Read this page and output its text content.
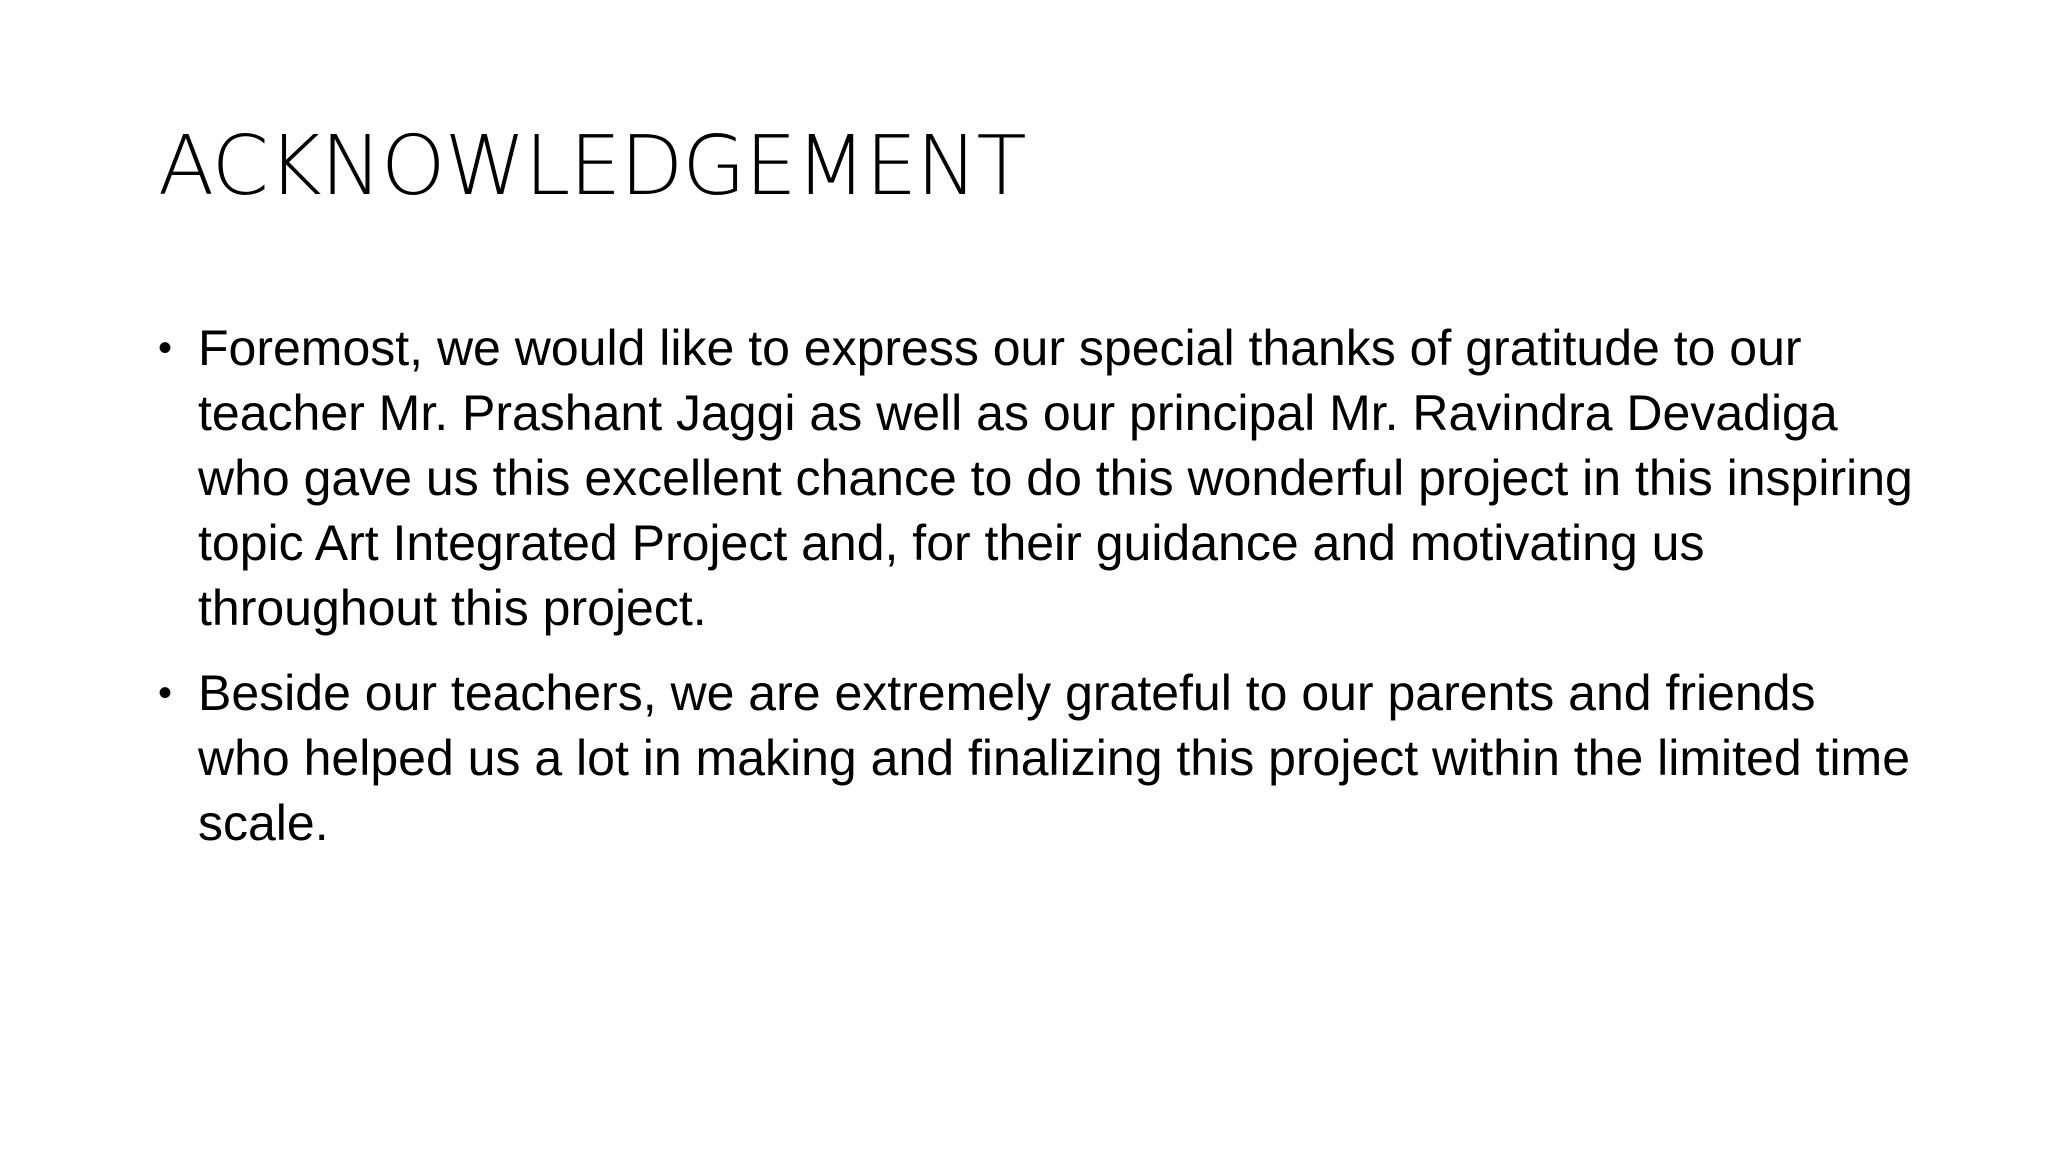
ACKNOWLEDGEMENT
• Foremost, we would like to express our special thanks of gratitude to our teacher Mr. Prashant Jaggi as well as our principal Mr. Ravindra Devadiga who gave us this excellent chance to do this wonderful project in this inspiring topic Art Integrated Project and, for their guidance and motivating us throughout this project.
• Beside our teachers, we are extremely grateful to our parents and friends who helped us a lot in making and finalizing this project within the limited time scale.
